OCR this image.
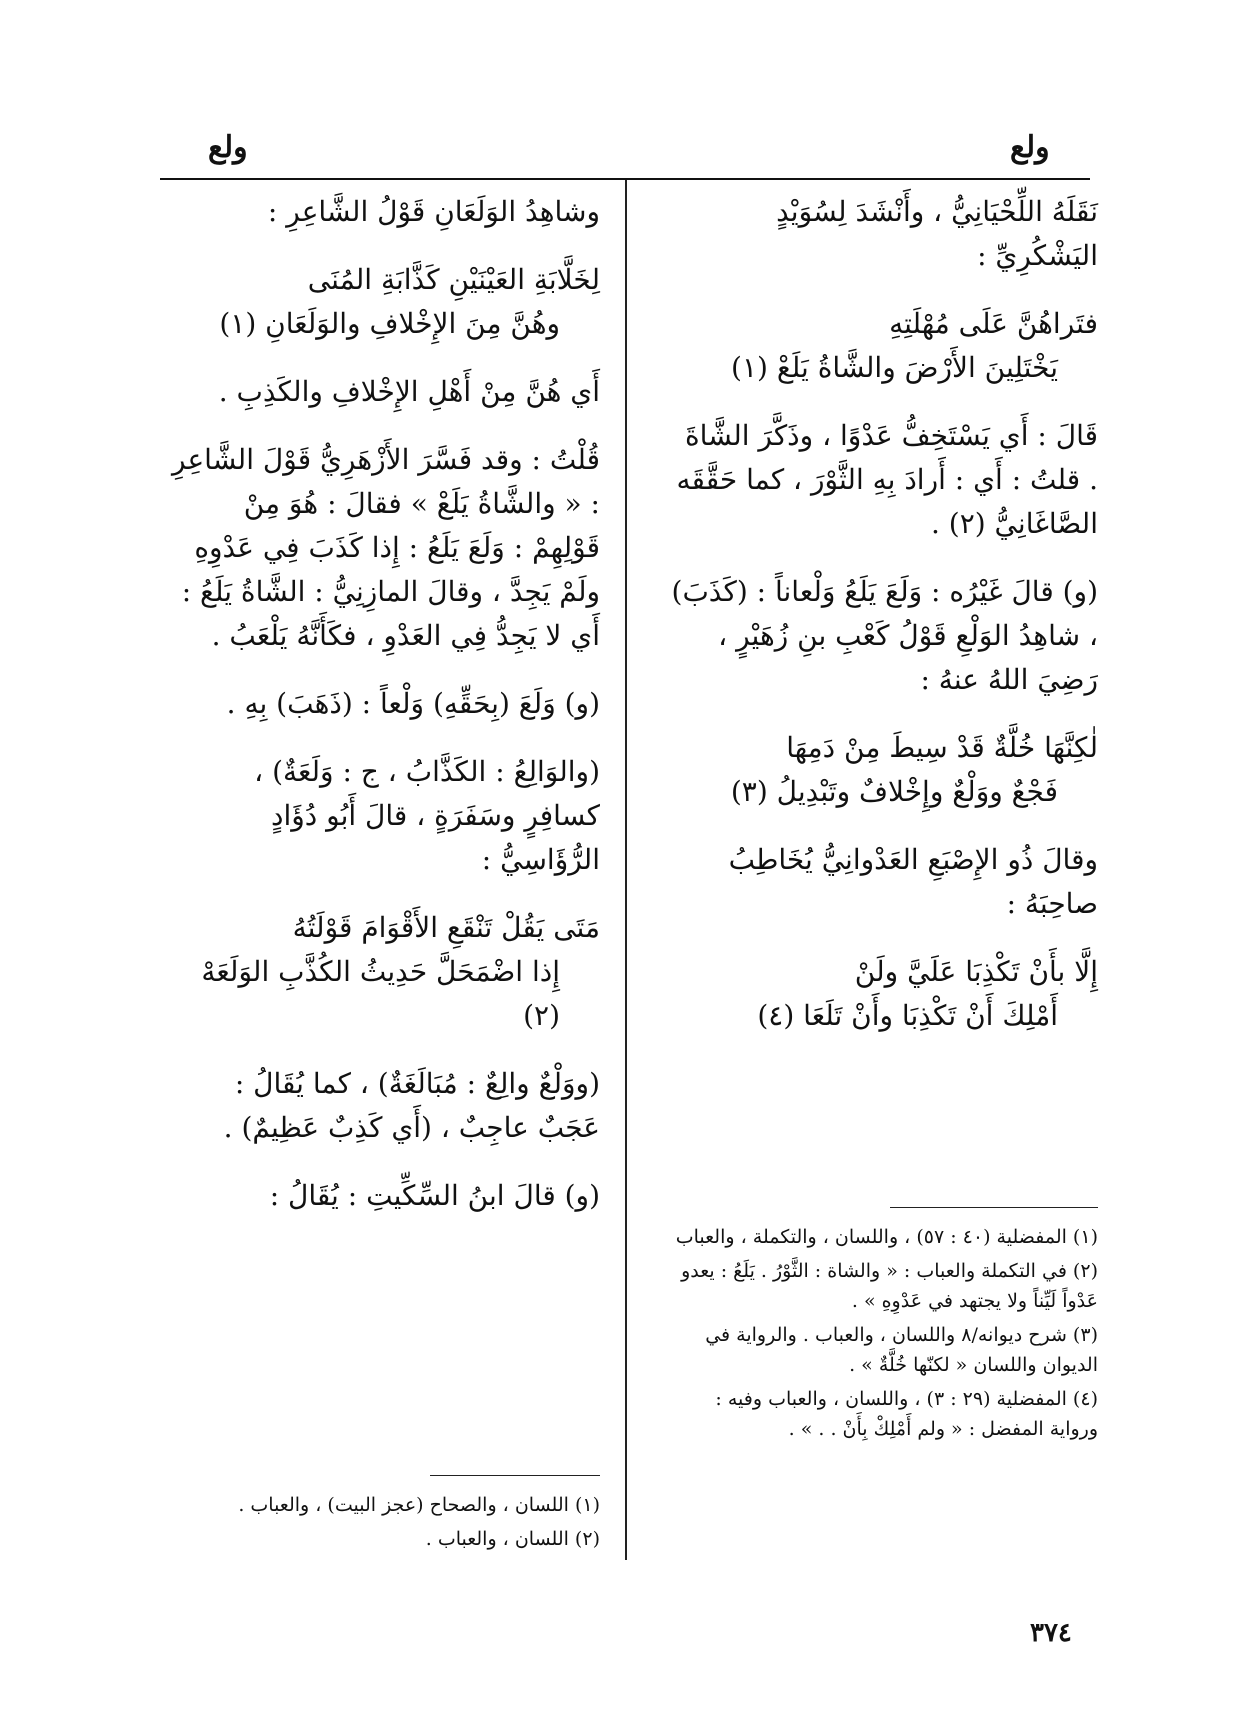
ولع
ولع

نَقَلَهُ اللِّحْيَانِيُّ ، وأَنْشَدَ لِسُوَيْدٍ اليَشْكُرِيِّ :

فتَراهُنَّ عَلَى مُهْلَتِهِ
يَخْتَلِينَ الأَرْضَ والشَّاةُ يَلَعْ (١)

قَالَ : أَي يَسْتَخِفُّ عَدْوًا ، وذَكَّرَ الشَّاةَ . قلتُ : أَي : أَرادَ بِهِ الثَّوْرَ ، كما حَقَّقَه الصَّاغَانِيُّ (٢) .

(و) قالَ غَيْرُه : وَلَعَ يَلَعُ وَلْعاناً : (كَذَبَ) ، شاهِدُ الوَلْعِ قَوْلُ كَعْبِ بنِ زُهَيْرٍ ، رَضِيَ اللهُ عنهُ :

لٰكِنَّهَا خُلَّةٌ قَدْ سِيطَ مِنْ دَمِهَا
فَجْعٌ ووَلْعٌ وإِخْلافٌ وتَبْدِيلُ (٣)

وقالَ ذُو الإِصْبَعِ العَدْوانِيُّ يُخَاطِبُ صاحِبَهُ :

إِلَّا بأَنْ تَكْذِبَا عَلَيَّ ولَنْ
أَمْلِكَ أَنْ تَكْذِبَا وأَنْ تَلَعَا (٤)

وشاهِدُ الوَلَعَانِ قَوْلُ الشَّاعِرِ :

لِخَلَّابَةِ العَيْنَيْنِ كَذَّابَةِ المُنَى
وهُنَّ مِنَ الإِخْلافِ والوَلَعَانِ (١)

أَي هُنَّ مِنْ أَهْلِ الإِخْلافِ والكَذِبِ .

قُلْتُ : وقد فَسَّرَ الأَزْهَرِيُّ قَوْلَ الشَّاعِرِ : « والشَّاةُ يَلَعْ » فقالَ : هُوَ مِنْ قَوْلِهِمْ : وَلَعَ يَلَعُ : إِذا كَذَبَ فِي عَدْوِهِ ولَمْ يَجِدَّ ، وقالَ المازِنِيُّ : الشَّاةُ يَلَعُ : أَي لا يَجِدُّ فِي العَدْوِ ، فكَأَنَّهُ يَلْعَبُ .

(و) وَلَعَ (بِحَقِّهِ) وَلْعاً : (ذَهَبَ) بِهِ .

(والوَالِعُ : الكَذَّابُ ، ج : وَلَعَةٌ) ، كسافِرٍ وسَفَرَةٍ ، قالَ أَبُو دُؤَادٍ الرُّؤَاسِيُّ :

مَتَى يَقُلْ تَنْقَعِ الأَقْوَامَ قَوْلَتُهُ
إِذا اضْمَحَلَّ حَدِيثُ الكُذَّبِ الوَلَعَهْ (٢)

(ووَلْعٌ والِعٌ : مُبَالَغَةٌ) ، كما يُقَالُ : عَجَبٌ عاجِبٌ ، (أَي كَذِبٌ عَظِيمٌ) .

(و) قالَ ابنُ السِّكِّيتِ : يُقَالُ :

(١) المفضلية (٤٠ : ٥٧) ، واللسان ، والتكملة ، والعباب

(٢) في التكملة والعباب : « والشاة : الثَّوْرُ . يَلَعُ : يعدو عَدْواً لَيِّناً ولا يجتهد في عَدْوِهِ » .

(٣) شرح ديوانه/٨ واللسان ، والعباب . والرواية في الديوان واللسان « لكنّها خُلَّةٌ » .

(٤) المفضلية (٢٩ : ٣) ، واللسان ، والعباب وفيه : ورواية المفضل : « ولم أَمْلِكْ بِأَنْ . . » .

(١) اللسان ، والصحاح (عجز البيت) ، والعباب .

(٢) اللسان ، والعباب .

٣٧٤
